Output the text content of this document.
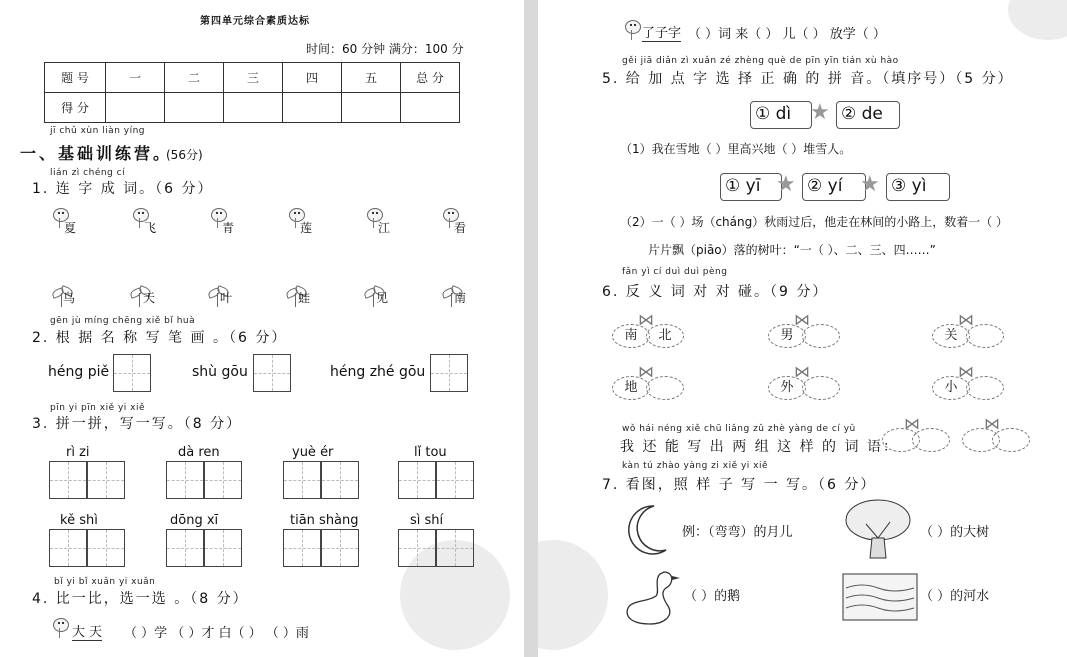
第四单元综合素质达标
时间：60 分钟 满分：100 分
题 号	一	二	三	四	五	总 分
得 分						
jī chǔ xùn liàn yíng
一、基础训练营。
(56分)
lián zì chéng cí
1. 连 字 成 词。（6 分）
夏	飞	青	莲	江	看
鸟	天	叶	蛙	见	南
gēn jù míng chēng xiě bǐ huà
2. 根 据 名 称 写 笔 画 。（6 分）
héng piě	shù gōu	héng zhé gōu
pīn yi pīn xiě yi xiě
3. 拼一拼，写一写。（8 分）
rì zi	dà ren	yuè ér	lǐ tou
kě shì	dōng xī	tiān shàng	sì shí
bǐ yi bǐ xuǎn yi xuǎn
4. 比一比，选一选 。（8 分）
大 天 （ ）学 （ ）才 白（ ） （ ）雨
了子字 （ ）词 来（ ） 儿（ ） 放学（ ）
gěi jiā diǎn zì xuǎn zé zhèng què de pīn yīn tián xù hào
5. 给 加 点 字 选 择 正 确 的 拼 音。（填序号）（5 分）
① dì ★ ② de
（1）我在雪地（ ）里高兴地（ ）堆雪人。
① yī ★ ② yí ★ ③ yì
（2）一（ ）场（cháng）秋雨过后，他走在林间的小路上，数着一（ ）
片片飘（piāo）落的树叶：“一（ ）、二、三、四……”
fǎn yì cí duì duì pèng
6. 反 义 词 对 对 碰。（9 分）
南	北
⋈
男
⋈
关
⋈
地
⋈
外
⋈
小
⋈
wǒ hái néng xiě chū liǎng zǔ zhè yàng de cí yǔ
我 还 能 写 出 两 组 这 样 的 词 语：
⋈	⋈
kàn tú zhào yàng zi xiě yi xiě
7. 看图，照 样 子 写 一 写。（6 分）
例：（弯弯）的月儿	（ ）的大树
（ ）的鹅	（ ）的河水
